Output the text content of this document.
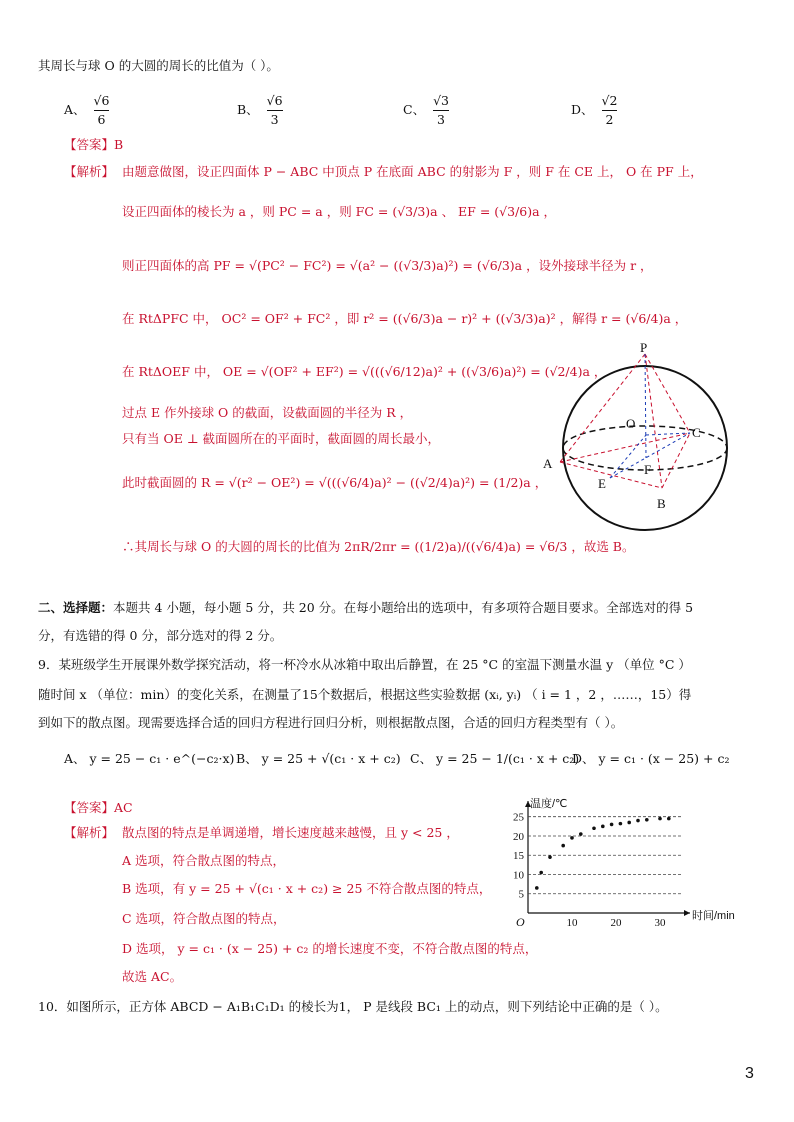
其周长与球 O 的大圆的周长的比值为（ ）。
A、 $\frac{√6}{6}$	B、 $\frac{√6}{3}$	C、 $\frac{√3}{3}$	D、 $\frac{√2}{2}$
【答案】B
【解析】 由题意做图，设正四面体 P − ABC 中顶点 P 在底面 ABC 的射影为 F ，则 F 在 CE 上， O 在 PF 上，
设正四面体的棱长为 a ，则 PC = a ，则 FC = (√3/3)a 、 EF = (√3/6)a ，
则正四面体的高 PF = √(PC² − FC²) = √(a² − ((√3/3)a)²) = (√6/3)a ，设外接球半径为 r ，
在 RtΔPFC 中， OC² = OF² + FC² ，即 r² = ((√6/3)a − r)² + ((√3/3)a)² ，解得 r = (√6/4)a ，
在 RtΔOEF 中， OE = √(OF² + EF²) = √(((√6/12)a)² + ((√3/6)a)²) = (√2/4)a ，
过点 E 作外接球 O 的截面，设截面圆的半径为 R ，
只有当 OE ⊥ 截面圆所在的平面时，截面圆的周长最小，
此时截面圆的 R = √(r² − OE²) = √(((√6/4)a)² − ((√2/4)a)²) = (1/2)a ，
∴其周长与球 O 的大圆的周长的比值为 2πR/2πr = ((1/2)a)/((√6/4)a) = √6/3 ，故选 B。
P
O
C
A	F
E
B
二、选择题：本题共 4 小题，每小题 5 分，共 20 分。在每小题给出的选项中，有多项符合题目要求。全部选对的得 5
分，有选错的得 0 分，部分选对的得 2 分。
9．某班级学生开展课外数学探究活动，将一杯冷水从冰箱中取出后静置，在 25 °C 的室温下测量水温 y （单位 °C ）
随时间 x （单位：min）的变化关系，在测量了15个数据后，根据这些实验数据 (xᵢ, yᵢ) （ i = 1 ，2 ，……，15）得
到如下的散点图。现需要选择合适的回归方程进行回归分析，则根据散点图，合适的回归方程类型有（ ）。
A、 y = 25 − c₁ · e^(−c₂·x) B、 y = 25 + √(c₁ · x + c₂) C、 y = 25 − 1/(c₁ · x + c₂)
D、 y = c₁ · (x − 25) + c₂
【答案】AC
【解析】 散点图的特点是单调递增，增长速度越来越慢，且 y < 25 ，
A 选项，符合散点图的特点，
B 选项，有 y = 25 + √(c₁ · x + c₂) ≥ 25 不符合散点图的特点，
C 选项，符合散点图的特点，
D 选项， y = c₁ · (x − 25) + c₂ 的增长速度不变，不符合散点图的特点，
故选 AC。
5
10
15
20
25
10	20	30
温度/℃
时间/min
O
10．如图所示，正方体 ABCD − A₁B₁C₁D₁ 的棱长为1， P 是线段 BC₁ 上的动点，则下列结论中正确的是（ ）。
3
